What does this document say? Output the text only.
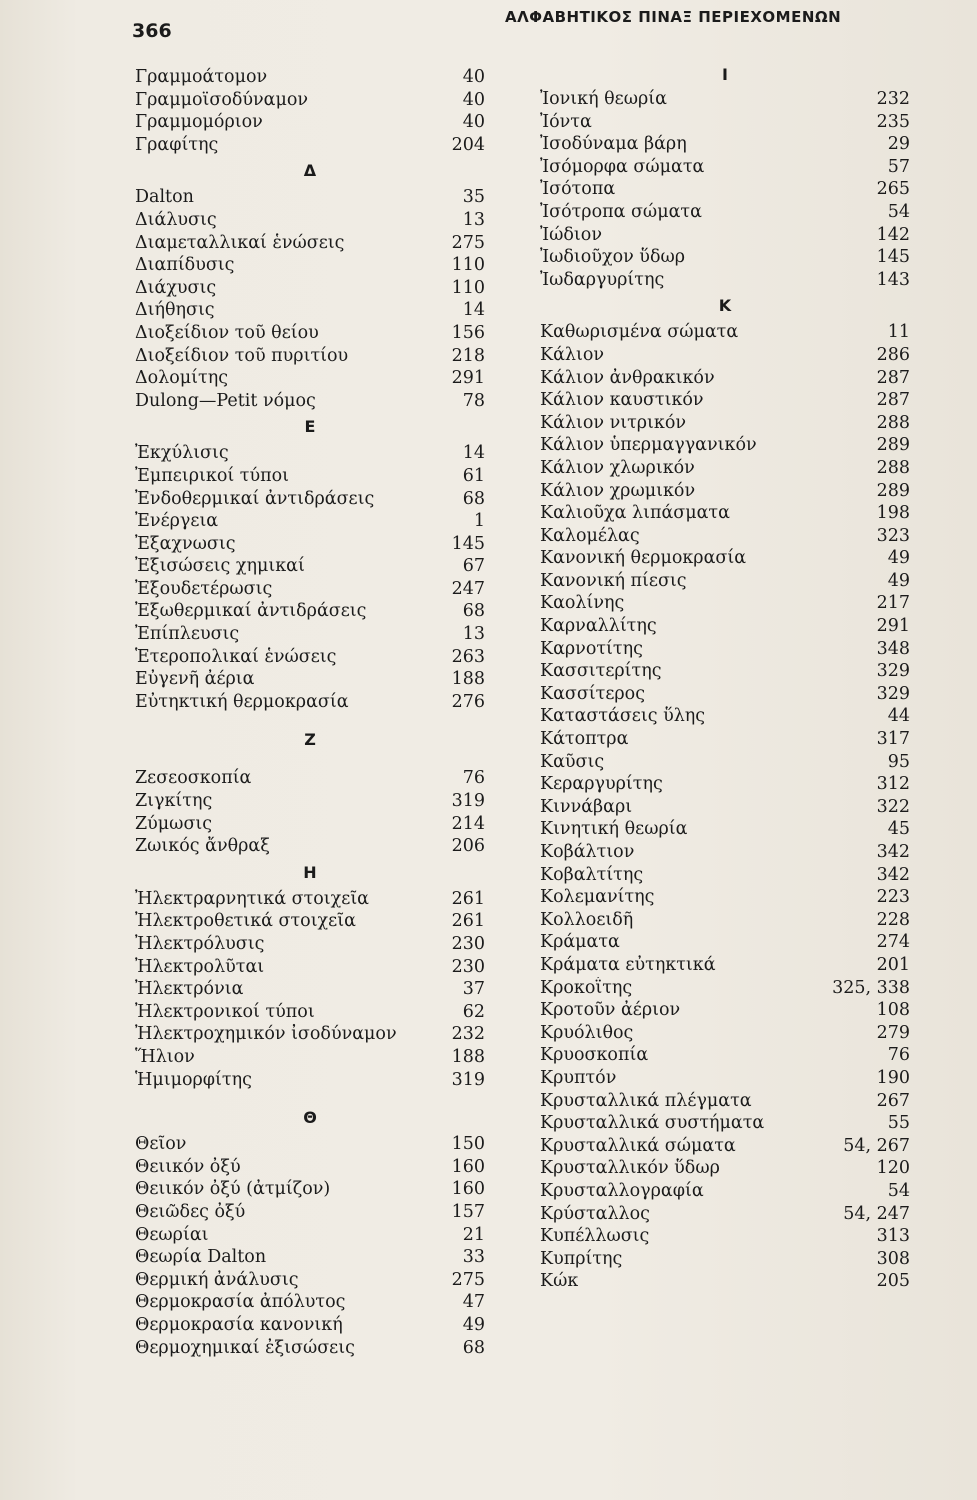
366
ΑΛΦΑΒΗΤΙΚΟΣ ΠΙΝΑΞ ΠΕΡΙΕΧΟΜΕΝΩΝ
Γραμμοάτομον	40
Γραμμοϊσοδύναμον	40
Γραμμομόριον	40
Γραφίτης	204
Δ
Dalton	35
Διάλυσις	13
Διαμεταλλικαί ἑνώσεις	275
Διαπίδυσις	110
Διάχυσις	110
Διήθησις	14
Διοξείδιον τοῦ θείου	156
Διοξείδιον τοῦ πυριτίου	218
Δολομίτης	291
Dulong—Petit νόμος	78
Ε
Ἐκχύλισις	14
Ἐμπειρικοί τύποι	61
Ἐνδοθερμικαί ἀντιδράσεις	68
Ἐνέργεια	1
Ἐξαχνωσις	145
Ἐξισώσεις χημικαί	67
Ἐξουδετέρωσις	247
Ἐξωθερμικαί ἀντιδράσεις	68
Ἐπίπλευσις	13
Ἑτεροπολικαί ἑνώσεις	263
Εὐγενῆ ἀέρια	188
Εὐτηκτική θερμοκρασία	276
Ζ
Ζεσεοσκοπία	76
Ζιγκίτης	319
Ζύμωσις	214
Ζωικός ἄνθραξ	206
Η
Ἠλεκτραρνητικά στοιχεῖα	261
Ἠλεκτροθετικά στοιχεῖα	261
Ἠλεκτρόλυσις	230
Ἠλεκτρολῦται	230
Ἠλεκτρόνια	37
Ἠλεκτρονικοί τύποι	62
Ἠλεκτροχημικόν ἰσοδύναμον	232
Ἥλιον	188
Ἡμιμορφίτης	319
Θ
Θεῖον	150
Θειικόν ὀξύ	160
Θειικόν ὀξύ (ἀτμίζον)	160
Θειῶδες ὀξύ	157
Θεωρίαι	21
Θεωρία Dalton	33
Θερμική ἀνάλυσις	275
Θερμοκρασία ἀπόλυτος	47
Θερμοκρασία κανονική	49
Θερμοχημικαί ἐξισώσεις	68
Ι
Ἰονική θεωρία	232
Ἰόντα	235
Ἰσοδύναμα βάρη	29
Ἰσόμορφα σώματα	57
Ἰσότοπα	265
Ἰσότροπα σώματα	54
Ἰώδιον	142
Ἰωδιοῦχον ὕδωρ	145
Ἰωδαργυρίτης	143
Κ
Καθωρισμένα σώματα	11
Κάλιον	286
Κάλιον ἀνθρακικόν	287
Κάλιον καυστικόν	287
Κάλιον νιτρικόν	288
Κάλιον ὑπερμαγγανικόν	289
Κάλιον χλωρικόν	288
Κάλιον χρωμικόν	289
Καλιοῦχα λιπάσματα	198
Καλομέλας	323
Κανονική θερμοκρασία	49
Κανονική πίεσις	49
Καολίνης	217
Καρναλλίτης	291
Καρνοτίτης	348
Κασσιτερίτης	329
Κασσίτερος	329
Καταστάσεις ὕλης	44
Κάτοπτρα	317
Καῦσις	95
Κεραργυρίτης	312
Κιννάβαρι	322
Κινητική θεωρία	45
Κοβάλτιον	342
Κοβαλτίτης	342
Κολεμανίτης	223
Κολλοειδῆ	228
Κράματα	274
Κράματα εὐτηκτικά	201
Κροκοΐτης	325, 338
Κροτοῦν ἀέριον	108
Κρυόλιθος	279
Κρυοσκοπία	76
Κρυπτόν	190
Κρυσταλλικά πλέγματα	267
Κρυσταλλικά συστήματα	55
Κρυσταλλικά σώματα	54, 267
Κρυσταλλικόν ὕδωρ	120
Κρυσταλλογραφία	54
Κρύσταλλος	54, 247
Κυπέλλωσις	313
Κυπρίτης	308
Κώκ	205
